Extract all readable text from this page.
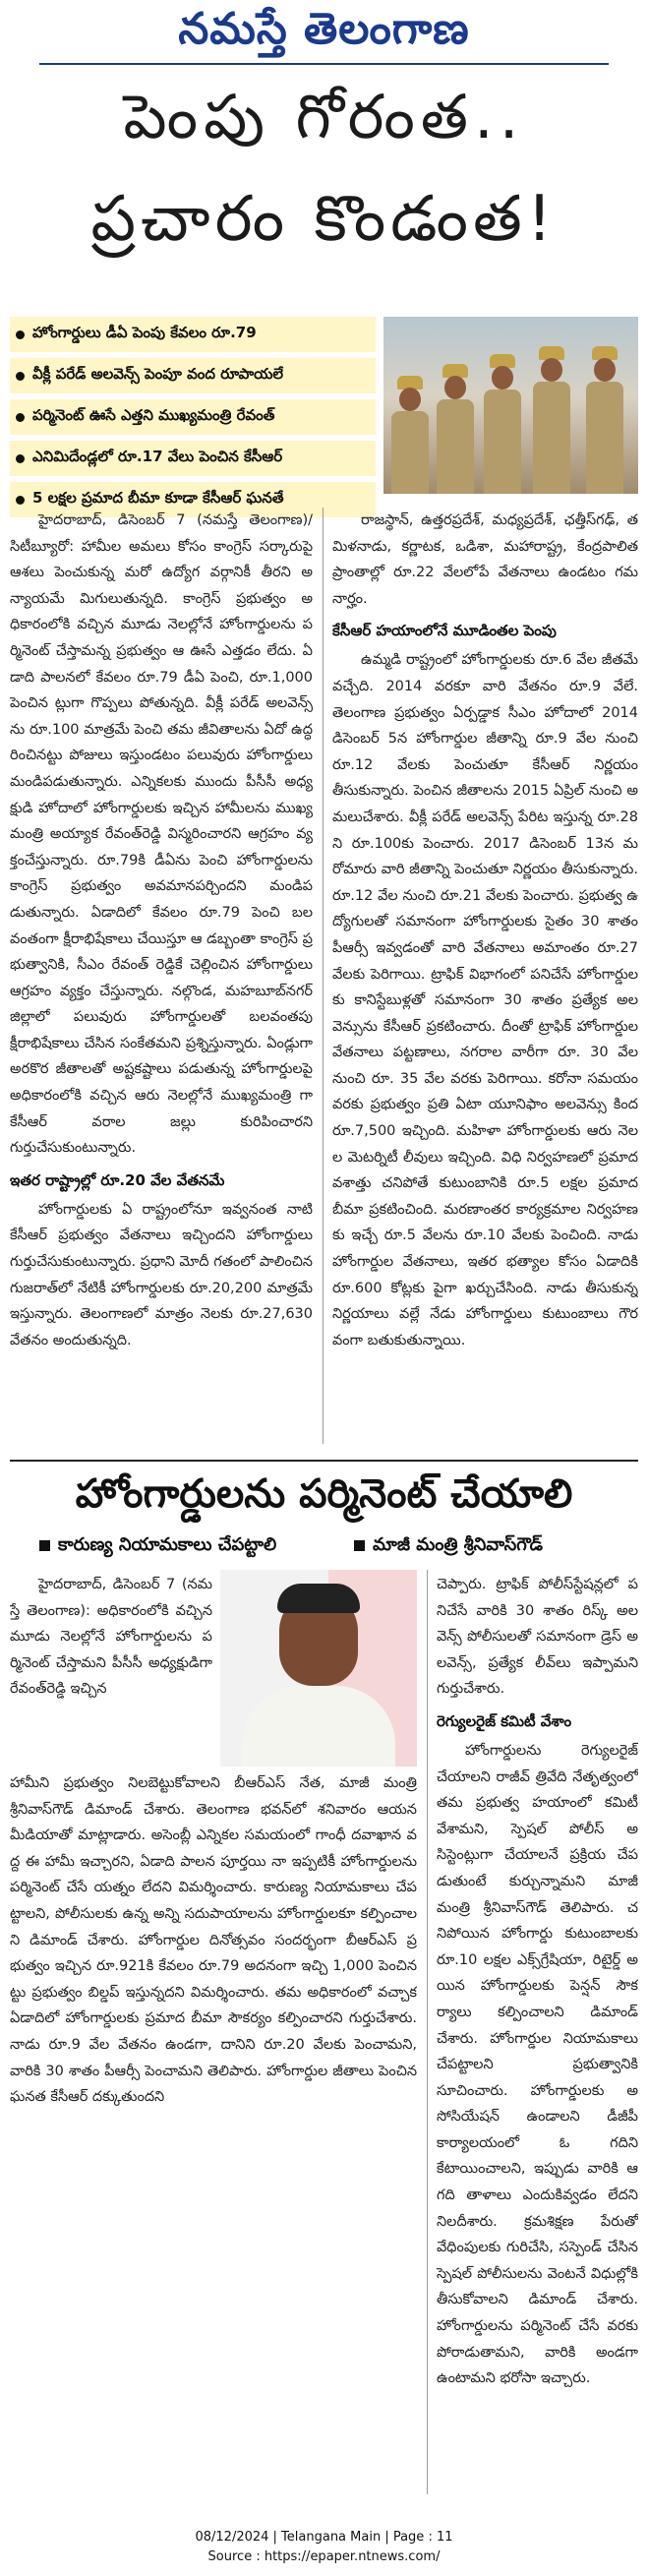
నమస్తే తెలంగాణ
పెంపు గోరంత..
ప్రచారం కొండంత!
హోంగార్డులు డీఏ పెంపు కేవలం రూ.79
వీక్లీ పరేడ్ అలవెన్స్ పెంపూ వంద రూపాయలే
పర్మినెంట్ ఊసే ఎత్తని ముఖ్యమంత్రి రేవంత్
ఎనిమిదేండ్లలో రూ.17 వేలు పెంచిన కేసీఆర్
5 లక్షల ప్రమాద బీమా కూడా కేసీఆర్ ఘనతే

హైదరాబాద్, డిసెంబర్ 7 (నమస్తే తెలంగాణ)/సిటీబ్యూరో: హామీల అమలు కోసం కాంగ్రెస్ సర్కారుపై ఆశలు పెంచుకున్న మరో ఉద్యోగ వర్గానికీ తీరని అన్యాయమే మిగులుతున్నది. కాంగ్రెస్ ప్రభుత్వం అధికారంలోకి వచ్చిన మూడు నెలల్లోనే హోంగార్డులను పర్మినెంట్ చేస్తామన్న ప్రభుత్వం ఆ ఊసే ఎత్తడం లేదు. ఏడాది పాలనలో కేవలం రూ.79 డీఏ పెంచి, రూ.1,000 పెంచిన ట్లుగా గొప్పలు పోతున్నది. వీక్లీ పరేడ్ అలవెన్స్ ను రూ.100 మాత్రమే పెంచి తమ జీవితాలను ఏదో ఉద్ధరించినట్టు పోజులు ఇస్తుండటం పలువురు హోంగార్డులు మండిపడుతున్నారు. ఎన్నికలకు ముందు పీసీసీ అధ్యక్షుడి హోదాలో హోంగార్డులకు ఇచ్చిన హామీలను ముఖ్యమంత్రి అయ్యాక రేవంత్‌రెడ్డి విస్మరించారని ఆగ్రహం వ్యక్తంచేస్తున్నారు. రూ.79కి డీఏను పెంచి హోంగార్డులను కాంగ్రెస్ ప్రభుత్వం అవమానపర్చిందని మండిపడుతున్నారు. ఏడాదిలో కేవలం రూ.79 పెంచి బలవంతంగా క్షీరాభిషేకాలు చేయిస్తూ ఆ డబ్బంతా కాంగ్రెస్ ప్రభుత్వానికి, సీఎం రేవంత్ రెడ్డికే చెల్లించిన హోంగార్డులు ఆగ్రహం వ్యక్తం చేస్తున్నారు. నల్గొండ, మహబూబ్‌నగర్ జిల్లాలో పలువురు హోంగార్డులతో బలవంతపు క్షీరాభిషేకాలు చేసిన సంకేతమని ప్రశ్నిస్తున్నారు. ఏండ్లుగా అరకొర జీతాలతో అష్టకష్టాలు పడుతున్న హోంగార్డులపై అధికారంలోకి వచ్చిన ఆరు నెలల్లోనే ముఖ్యమంత్రి గా కేసీఆర్ వరాల జల్లు కురిపించారని గుర్తుచేసుకుంటున్నారు.

ఇతర రాష్ట్రాల్లో రూ.20 వేల వేతనమే

హోంగార్డులకు ఏ రాష్ట్రంలోనూ ఇవ్వనంత నాటి కేసీఆర్ ప్రభుత్వం వేతనాలు ఇచ్చిందని హోంగార్డులు గుర్తుచేసుకుంటున్నారు. ప్రధాని మోదీ గతంలో పాలించిన గుజరాత్‌లో నేటికీ హోంగార్డులకు రూ.20,200 మాత్రమే ఇస్తున్నారు. తెలంగాణలో మాత్రం నెలకు రూ.27,630 వేతనం అందుతున్నది.

రాజస్థాన్, ఉత్తరప్రదేశ్, మధ్యప్రదేశ్, ఛత్తీస్‌గఢ్, తమిళనాడు, కర్ణాటక, ఒడిశా, మహారాష్ట్ర, కేంద్రపాలిత ప్రాంతాల్లో రూ.22 వేలలోపే వేతనాలు ఉండటం గమనార్హం.

కేసీఆర్ హయాంలోనే మూడింతల పెంపు

ఉమ్మడి రాష్ట్రంలో హోంగార్డులకు రూ.6 వేల జీతమే వచ్చేది. 2014 వరకూ వారి వేతనం రూ.9 వేలే. తెలంగాణ ప్రభుత్వం ఏర్పడ్డాక సీఎం హోదాలో 2014 డిసెంబర్ 5న హోంగార్డుల జీతాన్ని రూ.9 వేల నుంచి రూ.12 వేలకు పెంచుతూ కేసీఆర్ నిర్ణయం తీసుకున్నారు. పెంచిన జీతాలను 2015 ఏప్రిల్ నుంచి అమలుచేశారు. వీక్లీ పరేడ్ అలవెన్స్ పేరిట ఇస్తున్న రూ.28ని రూ.100కు పెంచారు. 2017 డిసెంబర్ 13న మరోమారు వారి జీతాన్ని పెంచుతూ నిర్ణయం తీసుకున్నారు. రూ.12 వేల నుంచి రూ.21 వేలకు పెంచారు. ప్రభుత్వ ఉద్యోగులతో సమానంగా హోంగార్డులకు సైతం 30 శాతం పీఆర్సీ ఇవ్వడంతో వారి వేతనాలు అమాంతం రూ.27 వేలకు పెరిగాయి. ట్రాఫిక్ విభాగంలో పనిచేసే హోంగార్డులకు కానిస్టేబుళ్లతో సమానంగా 30 శాతం ప్రత్యేక అలవెన్సును కేసీఆర్ ప్రకటించారు. దీంతో ట్రాఫిక్ హోంగార్డుల వేతనాలు పట్టణాలు, నగరాల వారీగా రూ. 30 వేల నుంచి రూ. 35 వేల వరకు పెరిగాయి. కరోనా సమయం వరకు ప్రభుత్వం ప్రతి ఏటా యూనిఫాం అలవెన్సు కింద రూ.7,500 ఇచ్చింది. మహిళా హోంగార్డులకు ఆరు నెలల మెటర్నిటీ లీవులు ఇచ్చింది. విధి నిర్వహణలో ప్రమాదవశాత్తు చనిపోతే కుటుంబానికి రూ.5 లక్షల ప్రమాద బీమా ప్రకటించింది. మరణాంతర కార్యక్రమాల నిర్వహణకు ఇచ్చే రూ.5 వేలను రూ.10 వేలకు పెంచింది. నాడు హోంగార్డుల వేతనాలు, ఇతర భత్యాల కోసం ఏడాదికి రూ.600 కోట్లకు పైగా ఖర్చుచేసింది. నాడు తీసుకున్న నిర్ణయాలు వల్లే నేడు హోంగార్డులు కుటుంబాలు గౌరవంగా బతుకుతున్నాయి.

హోంగార్డులను పర్మినెంట్ చేయాలి
కారుణ్య నియామకాలు చేపట్టాలి	మాజీ మంత్రి శ్రీనివాస్‌గౌడ్

హైదరాబాద్, డిసెంబర్ 7 (నమస్తే తెలంగాణ): అధికారంలోకి వచ్చిన మూడు నెలల్లోనే హోంగార్డులను పర్మినెంట్ చేస్తామని పీసీసీ అధ్యక్షుడిగా రేవంత్‌రెడ్డి ఇచ్చిన

హామీని ప్రభుత్వం నిలబెట్టుకోవాలని బీఆర్ఎస్ నేత, మాజీ మంత్రి శ్రీనివాస్‌గౌడ్ డిమాండ్ చేశారు. తెలంగాణ భవన్‌లో శనివారం ఆయన మీడియాతో మాట్లాడారు. అసెంబ్లీ ఎన్నికల సమయంలో గాంధీ దవాఖాన వద్ద ఈ హామీ ఇచ్చారని, ఏడాది పాలన పూర్తయి నా ఇప్పటికీ హోంగార్డులను పర్మినెంట్ చేసే యత్నం లేదని విమర్శించారు. కారుణ్య నియామకాలు చేపట్టాలని, పోలీసులకు ఉన్న అన్ని సదుపాయాలను హోంగార్డులకూ కల్పించాలని డిమాండ్ చేశారు. హోంగార్డుల దినోత్సవం సందర్భంగా బీఆర్ఎస్ ప్రభుత్వం ఇచ్చిన రూ.921కి కేవలం రూ.79 అదనంగా ఇచ్చి 1,000 పెంచినట్టు ప్రభుత్వం బిల్డప్ ఇస్తున్నదని విమర్శించారు. తమ అధికారంలో వచ్చాక ఏడాదిలో హోంగార్డులకు ప్రమాద బీమా సౌకర్యం కల్పించారని గుర్తుచేశారు. నాడు రూ.9 వేల వేతనం ఉండగా, దానిని రూ.20 వేలకు పెంచామని, వారికి 30 శాతం పీఆర్సీ పెంచామని తెలిపారు. హోంగార్డుల జీతాలు పెంచిన ఘనత కేసీఆర్ దక్కుతుందని

చెప్పారు. ట్రాఫిక్ పోలీస్‌స్టేషన్లలో పనిచేసే వారికి 30 శాతం రిస్క్ అలవెన్స్ పోలీసులతో సమానంగా డ్రెస్ అలవెన్స్, ప్రత్యేక లీవ్‌లు ఇప్పామని గుర్తుచేశారు.

రెగ్యులరైజ్ కమిటీ వేశాం

హోంగార్డులను రెగ్యులరైజ్ చేయాలని రాజీవ్ త్రివేది నేతృత్వంలో తమ ప్రభుత్వ హయాంలో కమిటీ వేశామని, స్పెషల్ పోలీస్ అసిస్టెంట్లుగా చేయాలనే ప్రక్రియ చేపడుతుంటే కుర్చున్నామని మాజీ మంత్రి శ్రీనివాస్‌గౌడ్ తెలిపారు. చనిపోయిన హోంగార్డు కుటుంబాలకు రూ.10 లక్షల ఎక్స్‌గ్రేషియా, రిటైర్డ్ అయిన హోంగార్డులకు పెన్షన్ సౌకర్యాలు కల్పించాలని డిమాండ్ చేశారు. హోంగార్డుల నియామకాలు చేపట్టాలని ప్రభుత్వానికి సూచించారు. హోంగార్డులకు అసోసియేషన్ ఉండాలని డీజీపీ కార్యాలయంలో ఓ గదిని కేటాయించాలని, ఇప్పుడు వారికి ఆ గది తాళాలు ఎందుకివ్వడం లేదని నిలదీశారు. క్రమశిక్షణ పేరుతో వేధింపులకు గురిచేసి, సస్పెండ్ చేసిన స్పెషల్ పోలీసులను వెంటనే విధుల్లోకి తీసుకోవాలని డిమాండ్ చేశారు. హోంగార్డులను పర్మినెంట్ చేసే వరకు పోరాడుతామని, వారికి అండగా ఉంటామని భరోసా ఇచ్చారు.

08/12/2024 | Telangana Main | Page : 11
Source : https://epaper.ntnews.com/
